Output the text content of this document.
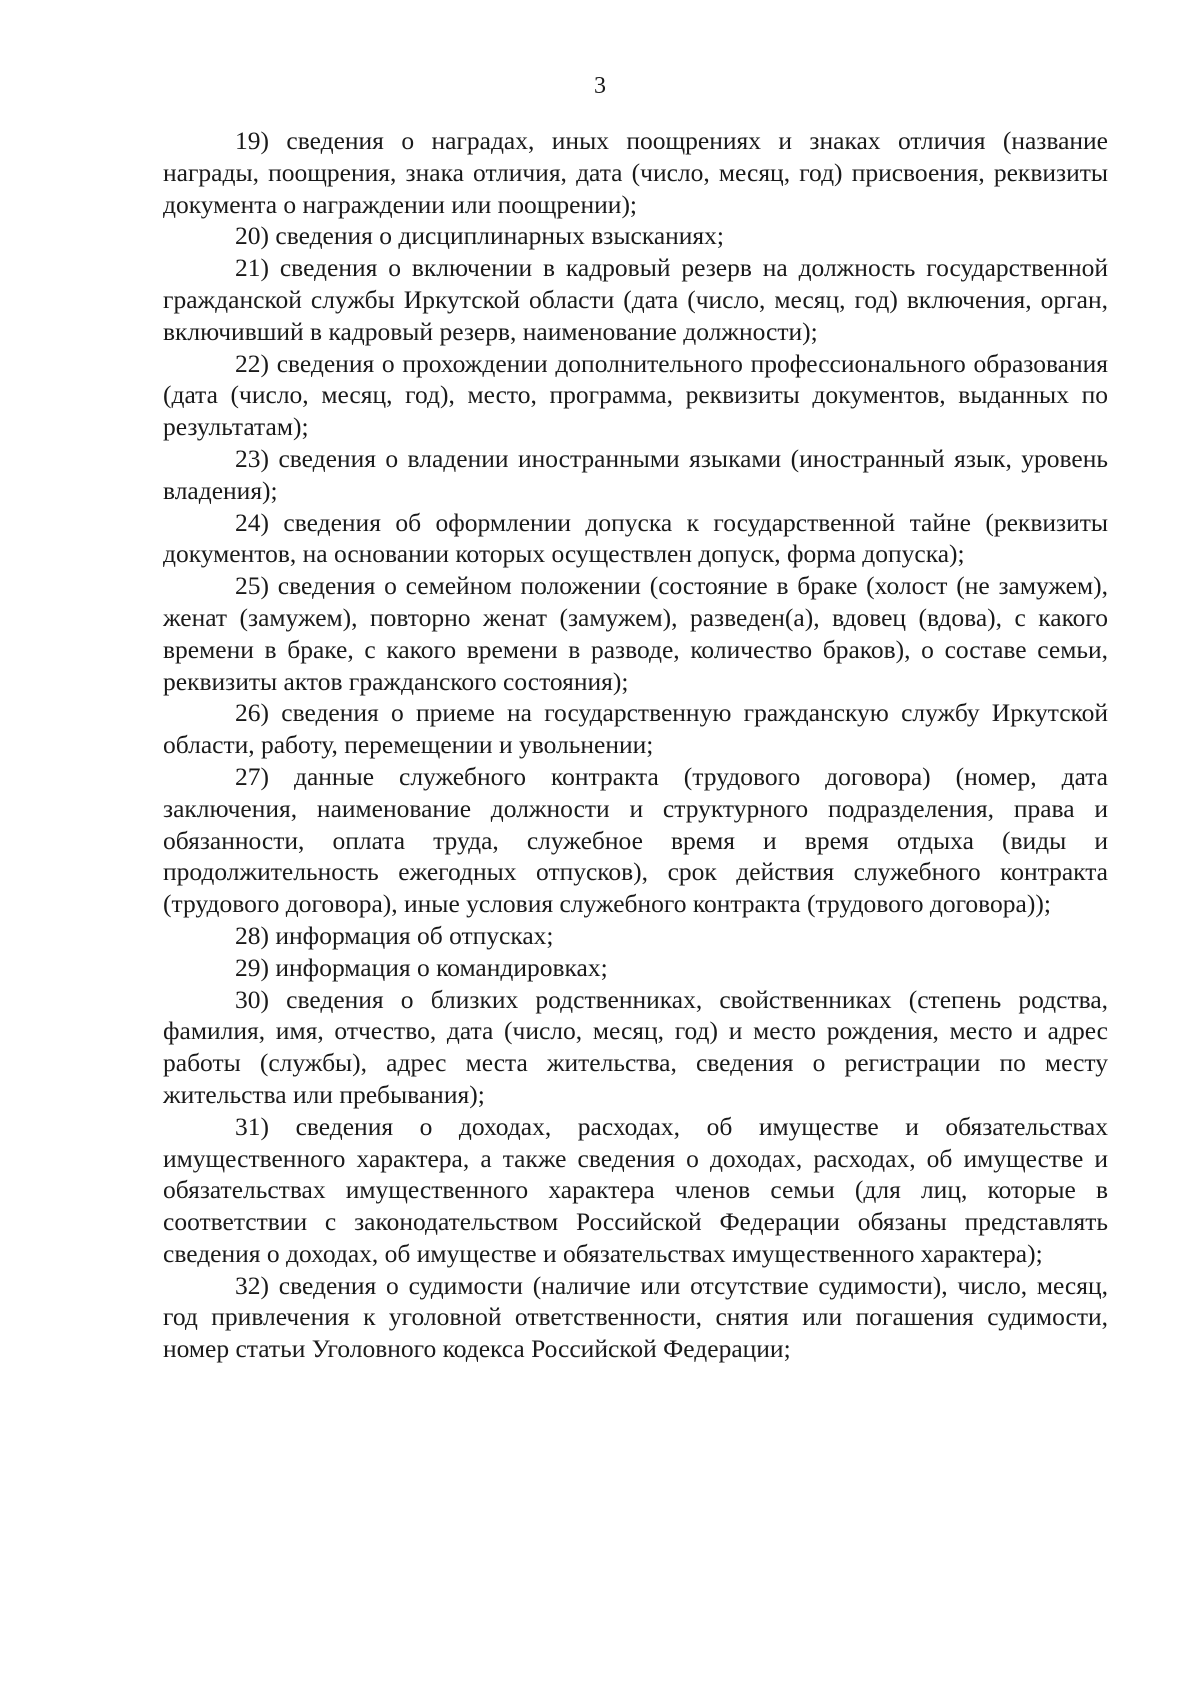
3

19) сведения о наградах, иных поощрениях и знаках отличия (название награды, поощрения, знака отличия, дата (число, месяц, год) присвоения, реквизиты документа о награждении или поощрении);

20) сведения о дисциплинарных взысканиях;

21) сведения о включении в кадровый резерв на должность государственной гражданской службы Иркутской области (дата (число, месяц, год) включения, орган, включивший в кадровый резерв, наименование должности);

22) сведения о прохождении дополнительного профессионального образования (дата (число, месяц, год), место, программа, реквизиты документов, выданных по результатам);

23) сведения о владении иностранными языками (иностранный язык, уровень владения);

24) сведения об оформлении допуска к государственной тайне (реквизиты документов, на основании которых осуществлен допуск, форма допуска);

25) сведения о семейном положении (состояние в браке (холост (не замужем), женат (замужем), повторно женат (замужем), разведен(а), вдовец (вдова), с какого времени в браке, с какого времени в разводе, количество браков), о составе семьи, реквизиты актов гражданского состояния);

26) сведения о приеме на государственную гражданскую службу Иркутской области, работу, перемещении и увольнении;

27) данные служебного контракта (трудового договора) (номер, дата заключения, наименование должности и структурного подразделения, права и обязанности, оплата труда, служебное время и время отдыха (виды и продолжительность ежегодных отпусков), срок действия служебного контракта (трудового договора), иные условия служебного контракта (трудового договора));

28) информация об отпусках;

29) информация о командировках;

30) сведения о близких родственниках, свойственниках (степень родства, фамилия, имя, отчество, дата (число, месяц, год) и место рождения, место и адрес работы (службы), адрес места жительства, сведения о регистрации по месту жительства или пребывания);

31) сведения о доходах, расходах, об имуществе и обязательствах имущественного характера, а также сведения о доходах, расходах, об имуществе и обязательствах имущественного характера членов семьи (для лиц, которые в соответствии с законодательством Российской Федерации обязаны представлять сведения о доходах, об имуществе и обязательствах имущественного характера);

32) сведения о судимости (наличие или отсутствие судимости), число, месяц, год привлечения к уголовной ответственности, снятия или погашения судимости, номер статьи Уголовного кодекса Российской Федерации;
